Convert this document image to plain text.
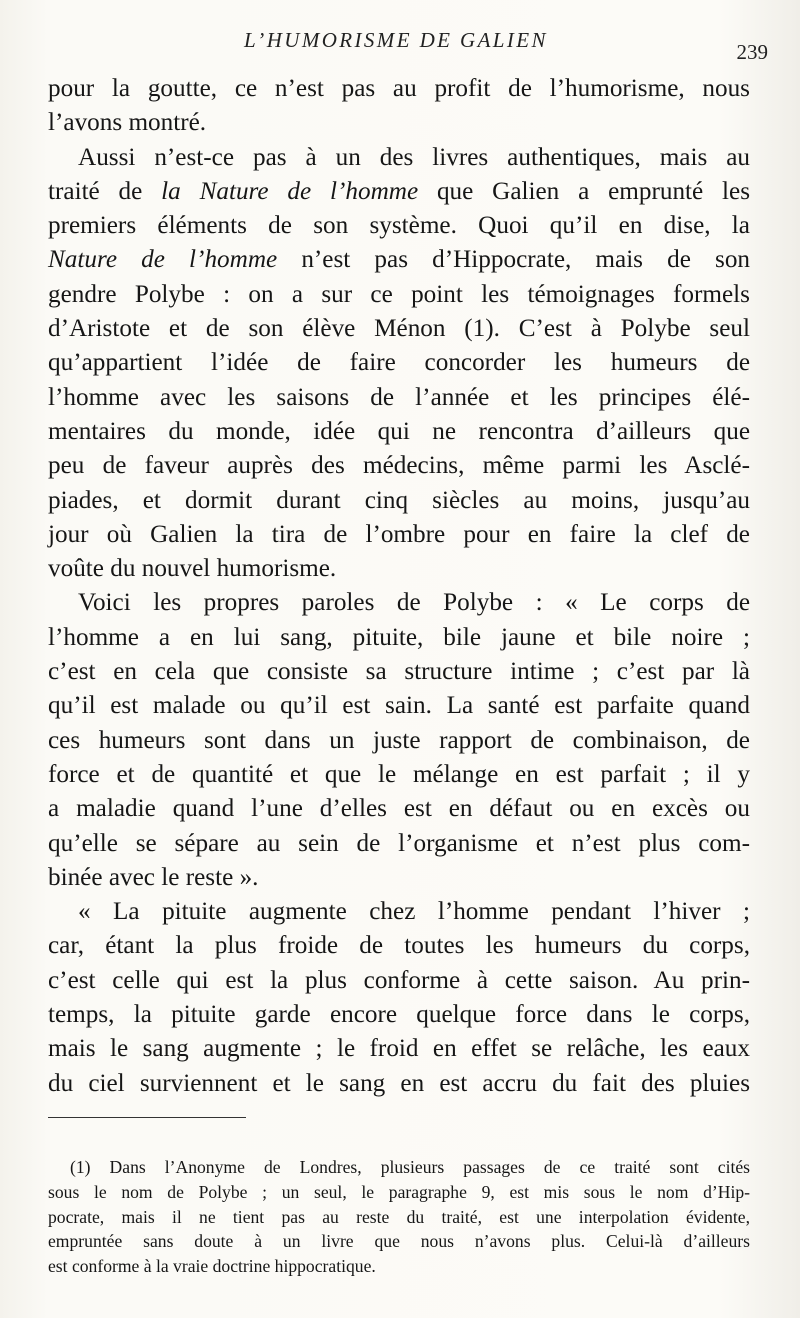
L’HUMORISME DE GALIEN	239

pour la goutte, ce n’est pas au profit de l’humorisme, nous

l’avons montré.

Aussi n’est-ce pas à un des livres authentiques, mais au

traité de la Nature de l’homme que Galien a emprunté les

premiers éléments de son système. Quoi qu’il en dise, la

Nature de l’homme n’est pas d’Hippocrate, mais de son

gendre Polybe : on a sur ce point les témoignages formels

d’Aristote et de son élève Ménon (1). C’est à Polybe seul

qu’appartient l’idée de faire concorder les humeurs de

l’homme avec les saisons de l’année et les principes élé-

mentaires du monde, idée qui ne rencontra d’ailleurs que

peu de faveur auprès des médecins, même parmi les Asclé-

piades, et dormit durant cinq siècles au moins, jusqu’au

jour où Galien la tira de l’ombre pour en faire la clef de

voûte du nouvel humorisme.

Voici les propres paroles de Polybe : « Le corps de

l’homme a en lui sang, pituite, bile jaune et bile noire ;

c’est en cela que consiste sa structure intime ; c’est par là

qu’il est malade ou qu’il est sain. La santé est parfaite quand

ces humeurs sont dans un juste rapport de combinaison, de

force et de quantité et que le mélange en est parfait ; il y

a maladie quand l’une d’elles est en défaut ou en excès ou

qu’elle se sépare au sein de l’organisme et n’est plus com-

binée avec le reste ».

« La pituite augmente chez l’homme pendant l’hiver ;

car, étant la plus froide de toutes les humeurs du corps,

c’est celle qui est la plus conforme à cette saison. Au prin-

temps, la pituite garde encore quelque force dans le corps,

mais le sang augmente ; le froid en effet se relâche, les eaux

du ciel surviennent et le sang en est accru du fait des pluies

(1) Dans l’Anonyme de Londres, plusieurs passages de ce traité sont cités

sous le nom de Polybe ; un seul, le paragraphe 9, est mis sous le nom d’Hip-

pocrate, mais il ne tient pas au reste du traité, est une interpolation évidente,

empruntée sans doute à un livre que nous n’avons plus. Celui-là d’ailleurs

est conforme à la vraie doctrine hippocratique.
